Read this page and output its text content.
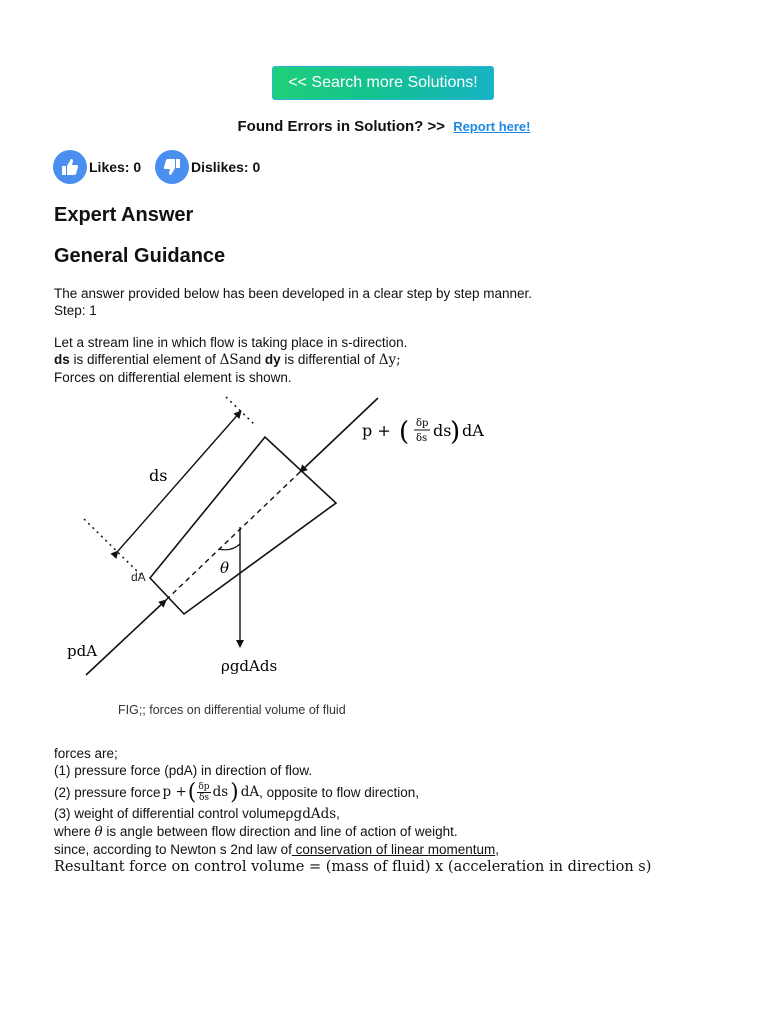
<< Search more Solutions!
Found Errors in Solution? >> Report here!
Likes: 0	Dislikes: 0
Expert Answer
General Guidance
The answer provided below has been developed in a clear step by step manner.
Step: 1
Let a stream line in which flow is taking place in s-direction.
ds is differential element of ΔSand dy is differential of Δy;
Forces on differential element is shown.
ds
dA	θ
pdA
ρgdAds
p + ( δp
δs ds
) dA
FIG;; forces on differential volume of fluid
forces are;
(1) pressure force (pdA) in direction of flow.
(2) pressure force p + ( $\frac{\delta p}{\delta s}$ ds ) dA , opposite to flow direction,
(3) weight of differential control volumeρgdAds,
where θ is angle between flow direction and line of action of weight.
since, according to Newton s 2nd law of conservation of linear momentum,
Resultant force on control volume = (mass of fluid) x (acceleration in direction s)
